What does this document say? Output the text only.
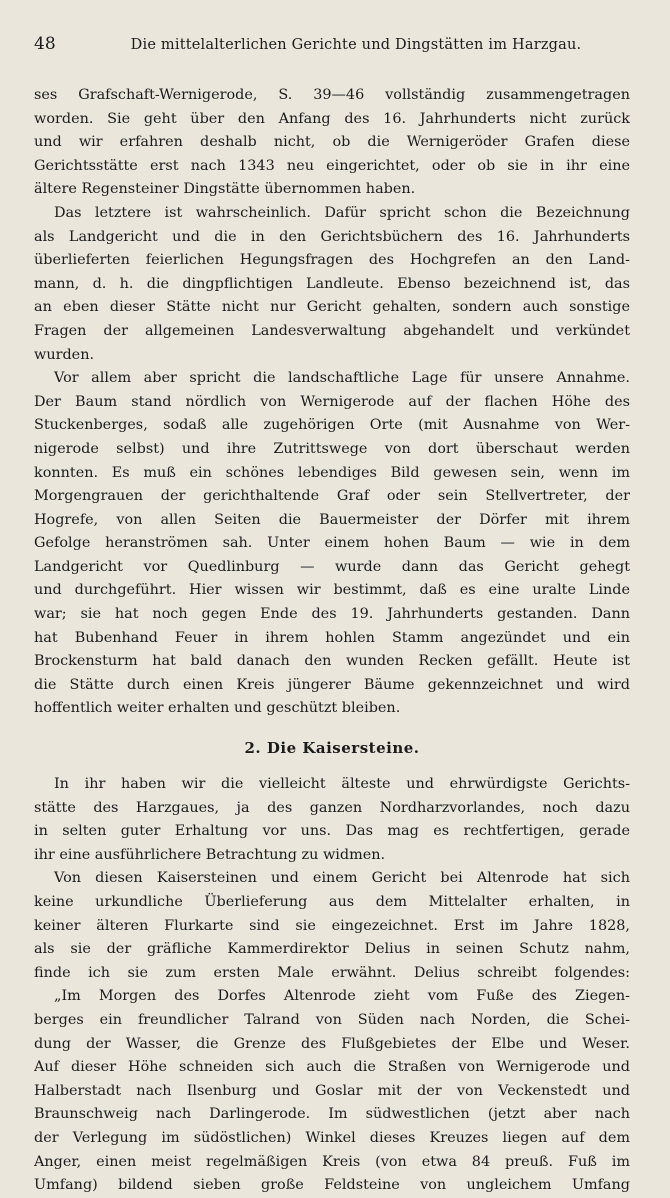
48	Die mittelalterlichen Gerichte und Dingstätten im Harzgau.

ses Grafschaft-Wernigerode, S. 39—46 vollständig zusammengetragen
worden. Sie geht über den Anfang des 16. Jahrhunderts nicht zurück
und wir erfahren deshalb nicht, ob die Wernigeröder Grafen diese
Gerichtsstätte erst nach 1343 neu eingerichtet, oder ob sie in ihr eine
ältere Regensteiner Dingstätte übernommen haben.
Das letztere ist wahrscheinlich. Dafür spricht schon die Bezeichnung
als Landgericht und die in den Gerichtsbüchern des 16. Jahrhunderts
überlieferten feierlichen Hegungsfragen des Hochgrefen an den Land-
mann, d. h. die dingpflichtigen Landleute. Ebenso bezeichnend ist, das
an eben dieser Stätte nicht nur Gericht gehalten, sondern auch sonstige
Fragen der allgemeinen Landesverwaltung abgehandelt und verkündet
wurden.
Vor allem aber spricht die landschaftliche Lage für unsere Annahme.
Der Baum stand nördlich von Wernigerode auf der flachen Höhe des
Stuckenberges, sodaß alle zugehörigen Orte (mit Ausnahme von Wer-
nigerode selbst) und ihre Zutrittswege von dort überschaut werden
konnten. Es muß ein schönes lebendiges Bild gewesen sein, wenn im
Morgengrauen der gerichthaltende Graf oder sein Stellvertreter, der
Hogrefe, von allen Seiten die Bauermeister der Dörfer mit ihrem
Gefolge heranströmen sah. Unter einem hohen Baum — wie in dem
Landgericht vor Quedlinburg — wurde dann das Gericht gehegt
und durchgeführt. Hier wissen wir bestimmt, daß es eine uralte Linde
war; sie hat noch gegen Ende des 19. Jahrhunderts gestanden. Dann
hat Bubenhand Feuer in ihrem hohlen Stamm angezündet und ein
Brockensturm hat bald danach den wunden Recken gefällt. Heute ist
die Stätte durch einen Kreis jüngerer Bäume gekennzeichnet und wird
hoffentlich weiter erhalten und geschützt bleiben.

2. Die Kaisersteine.

In ihr haben wir die vielleicht älteste und ehrwürdigste Gerichts-
stätte des Harzgaues, ja des ganzen Nordharzvorlandes, noch dazu
in selten guter Erhaltung vor uns. Das mag es rechtfertigen, gerade
ihr eine ausführlichere Betrachtung zu widmen.
Von diesen Kaisersteinen und einem Gericht bei Altenrode hat sich
keine urkundliche Überlieferung aus dem Mittelalter erhalten, in
keiner älteren Flurkarte sind sie eingezeichnet. Erst im Jahre 1828,
als sie der gräfliche Kammerdirektor Delius in seinen Schutz nahm,
finde ich sie zum ersten Male erwähnt. Delius schreibt folgendes:
„Im Morgen des Dorfes Altenrode zieht vom Fuße des Ziegen-
berges ein freundlicher Talrand von Süden nach Norden, die Schei-
dung der Wasser, die Grenze des Flußgebietes der Elbe und Weser.
Auf dieser Höhe schneiden sich auch die Straßen von Wernigerode und
Halberstadt nach Ilsenburg und Goslar mit der von Veckenstedt und
Braunschweig nach Darlingerode. Im südwestlichen (jetzt aber nach
der Verlegung im südöstlichen) Winkel dieses Kreuzes liegen auf dem
Anger, einen meist regelmäßigen Kreis (von etwa 84 preuß. Fuß im
Umfang) bildend sieben große Feldsteine von ungleichem Umfang
